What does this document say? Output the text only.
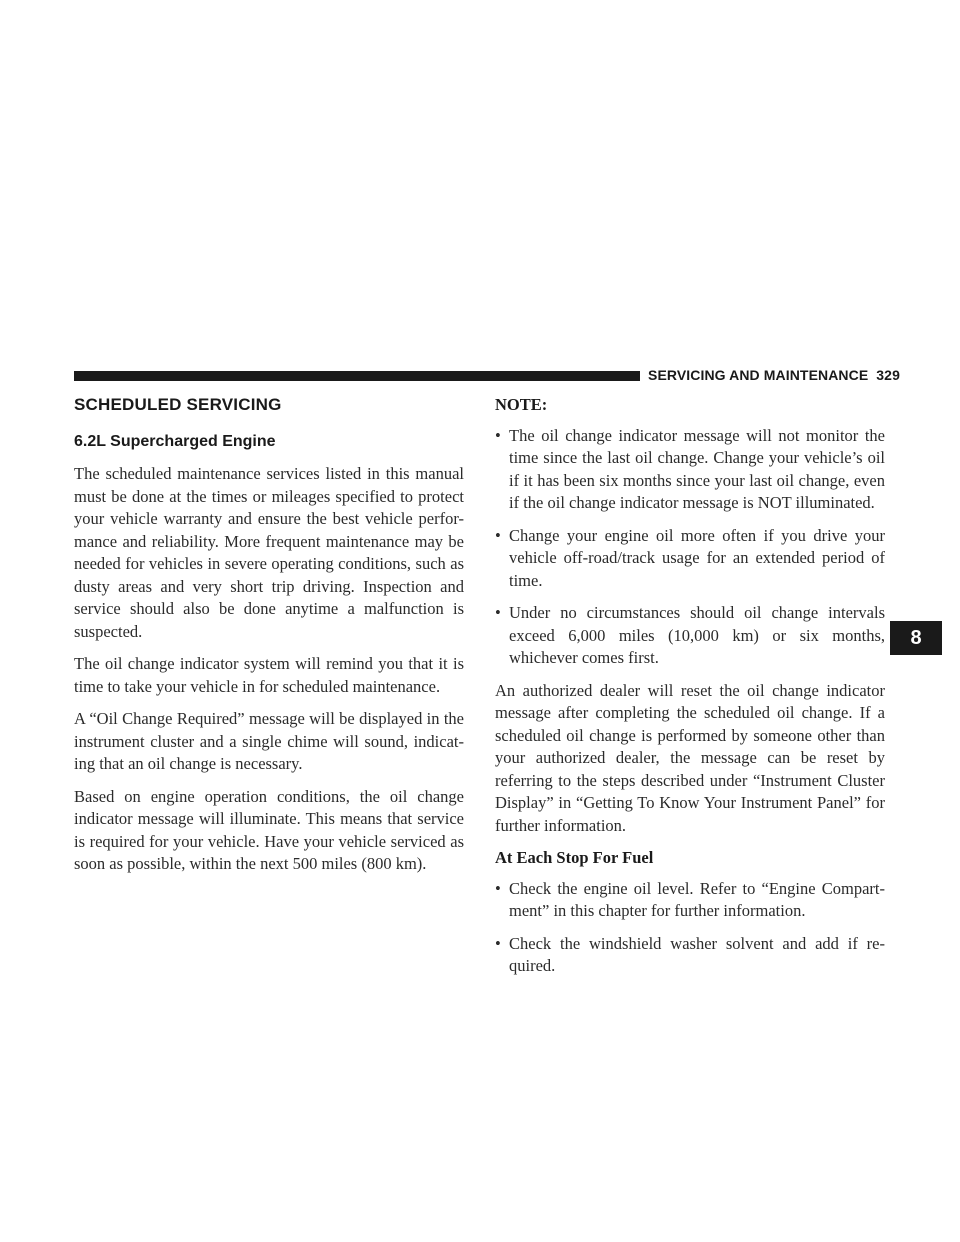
SERVICING AND MAINTENANCE 329
SCHEDULED SERVICING
6.2L Supercharged Engine

The scheduled maintenance services listed in this manual must be done at the times or mileages specified to protect your vehicle warranty and ensure the best vehicle perfor-mance and reliability. More frequent maintenance may be needed for vehicles in severe operating conditions, such as dusty areas and very short trip driving. Inspection and service should also be done anytime a malfunction is suspected.

The oil change indicator system will remind you that it is time to take your vehicle in for scheduled maintenance.

A “Oil Change Required” message will be displayed in the instrument cluster and a single chime will sound, indicat-ing that an oil change is necessary.

Based on engine operation conditions, the oil change indicator message will illuminate. This means that service is required for your vehicle. Have your vehicle serviced as soon as possible, within the next 500 miles (800 km).

NOTE:
• The oil change indicator message will not monitor the time since the last oil change. Change your vehicle’s oil if it has been six months since your last oil change, even if the oil change indicator message is NOT illuminated.
• Change your engine oil more often if you drive your vehicle off-road/track usage for an extended period of time.
• Under no circumstances should oil change intervals exceed 6,000 miles (10,000 km) or six months, whichever comes first.

An authorized dealer will reset the oil change indicator message after completing the scheduled oil change. If a scheduled oil change is performed by someone other than your authorized dealer, the message can be reset by referring to the steps described under “Instrument Cluster Display” in “Getting To Know Your Instrument Panel” for further information.

At Each Stop For Fuel
• Check the engine oil level. Refer to “Engine Compart-ment” in this chapter for further information.
• Check the windshield washer solvent and add if re-quired.
8
